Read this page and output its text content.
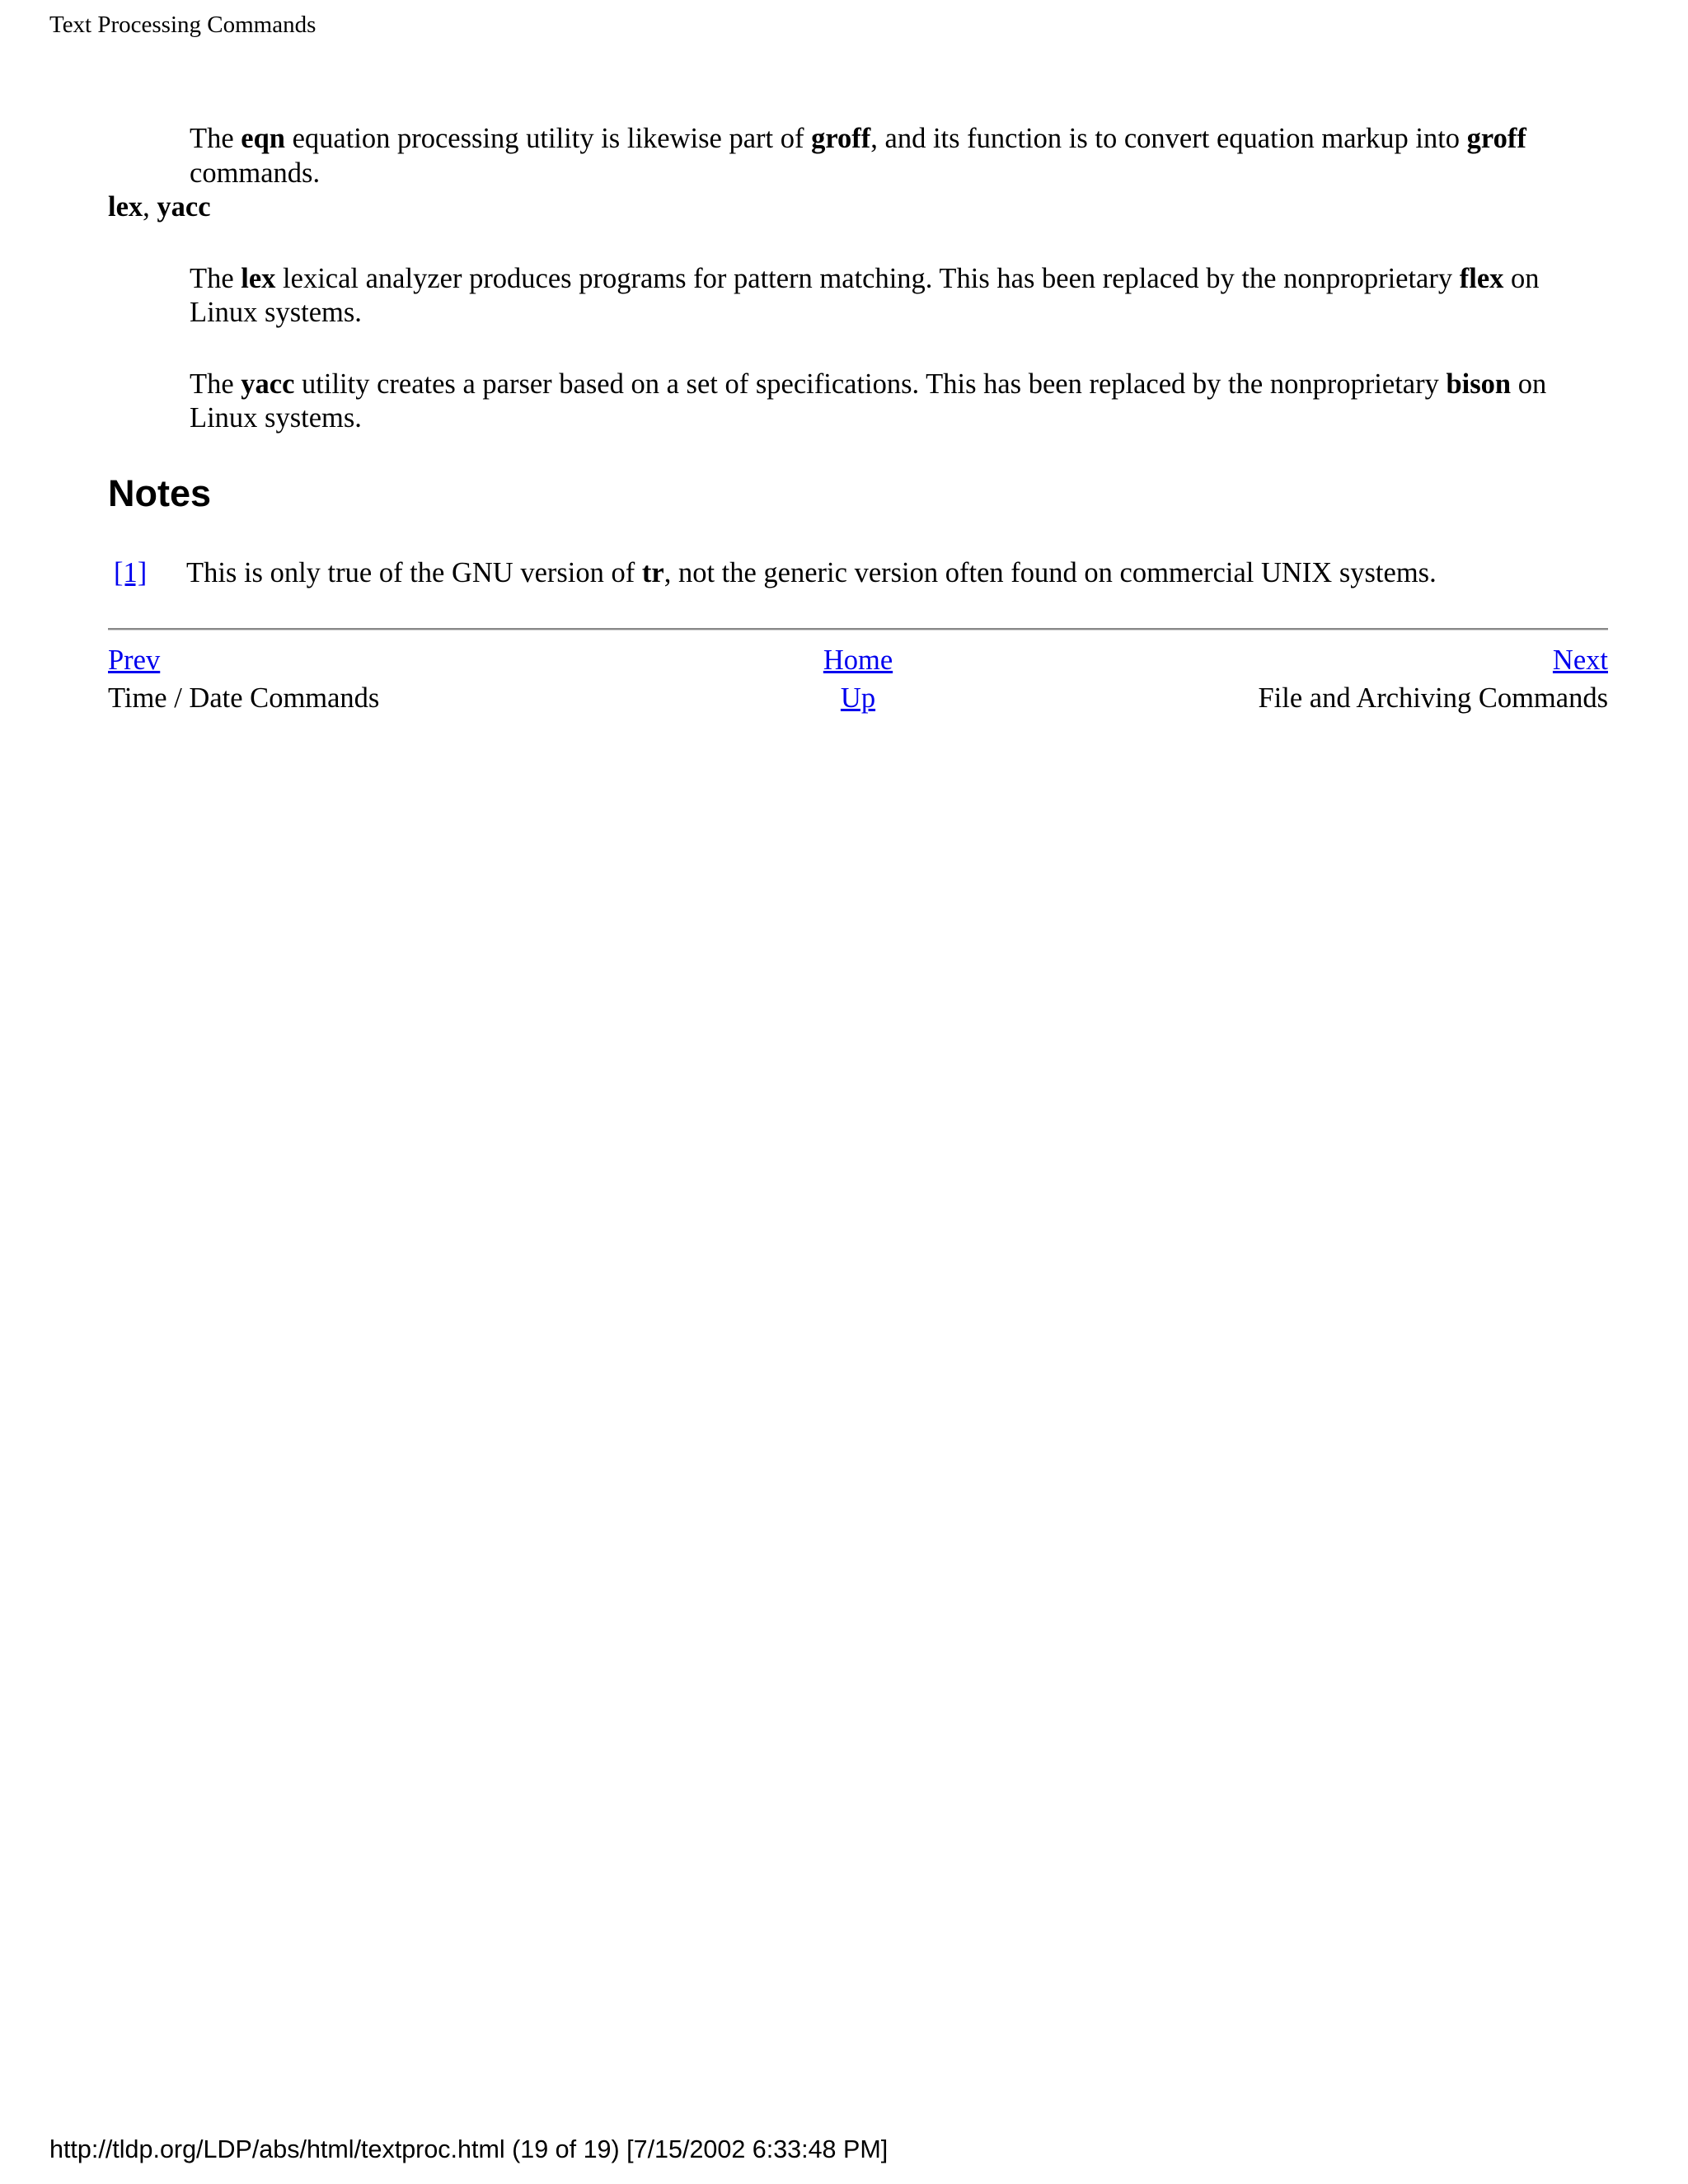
Text Processing Commands

The eqn equation processing utility is likewise part of groff, and its function is to convert equation markup into groff commands.

lex, yacc

The lex lexical analyzer produces programs for pattern matching. This has been replaced by the nonproprietary flex on Linux systems.

The yacc utility creates a parser based on a set of specifications. This has been replaced by the nonproprietary bison on Linux systems.

Notes
[1]	This is only true of the GNU version of tr, not the generic version often found on commercial UNIX systems.
Prev	Home	Next
Time / Date Commands	Up	File and Archiving Commands
http://tldp.org/LDP/abs/html/textproc.html (19 of 19) [7/15/2002 6:33:48 PM]
